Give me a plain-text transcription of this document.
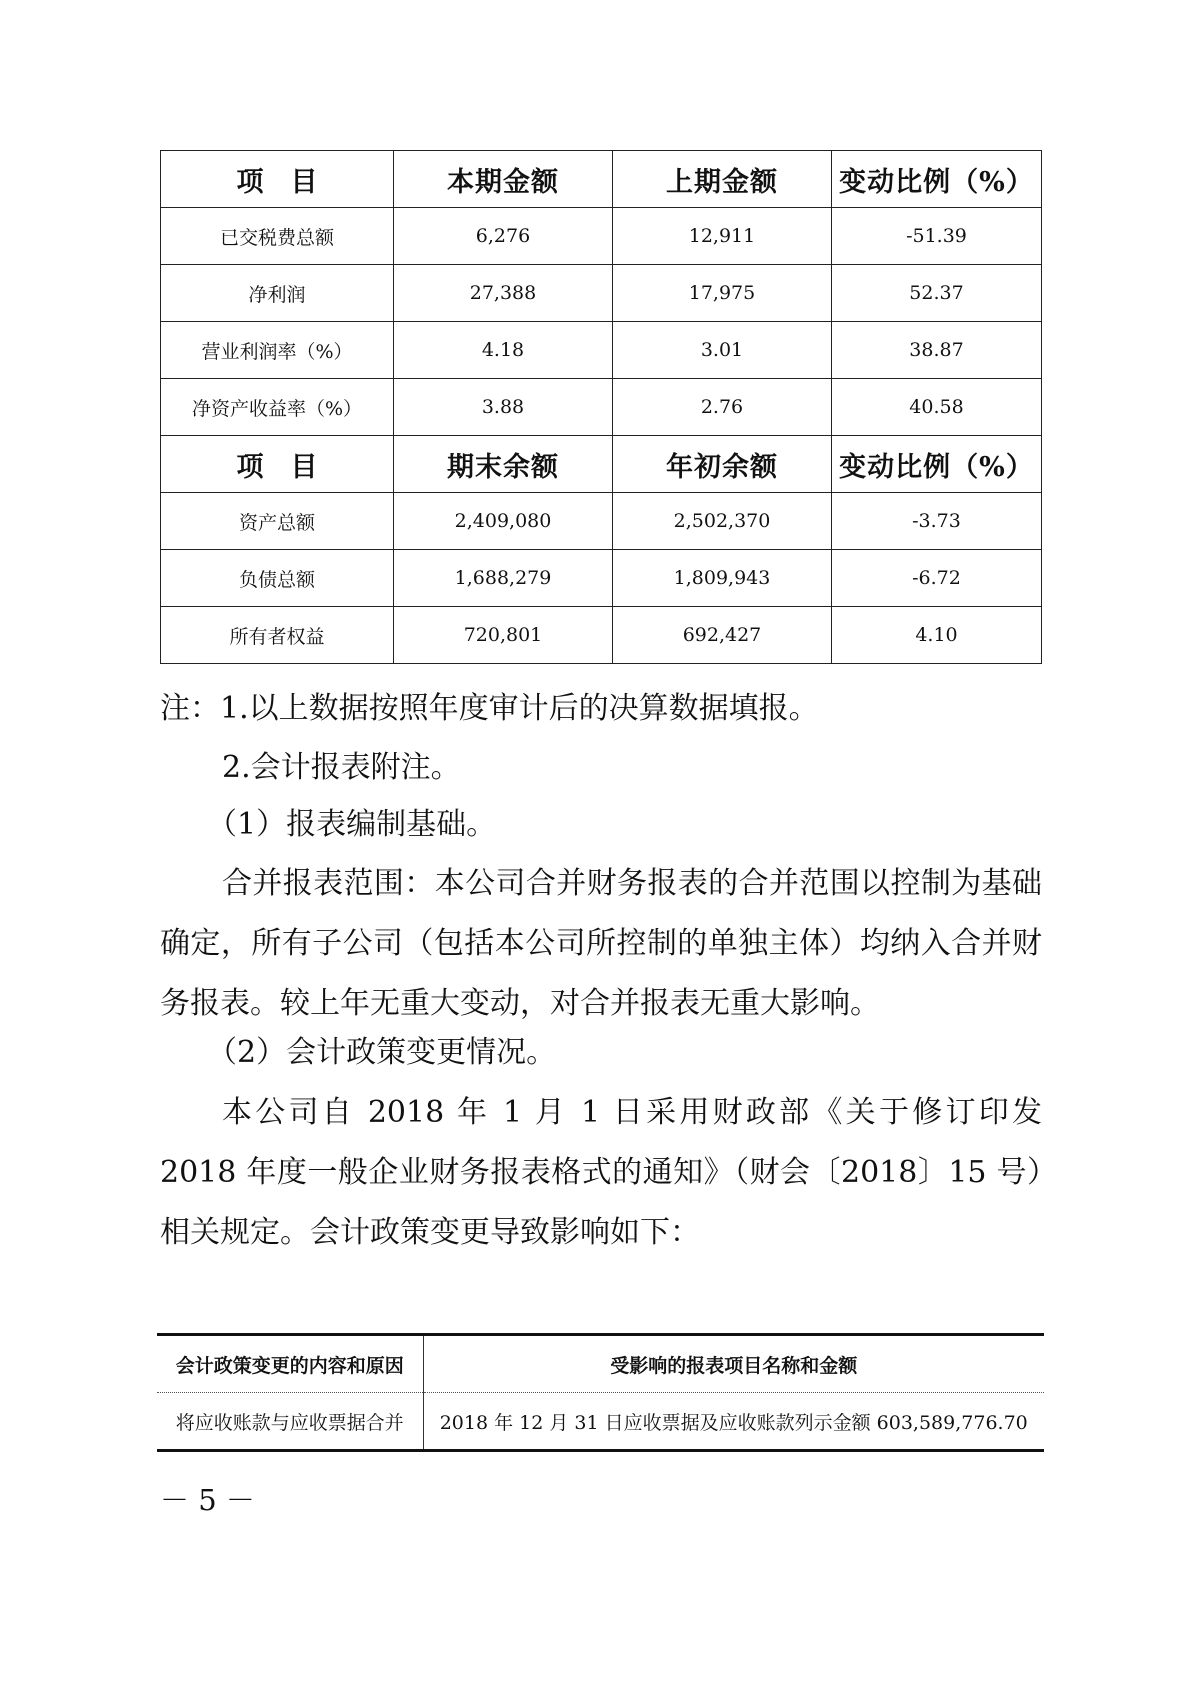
项　目	本期金额	上期金额	变动比例（%）
已交税费总额	6,276	12,911	-51.39
净利润	27,388	17,975	52.37
营业利润率（%）	4.18	3.01	38.87
净资产收益率（%）	3.88	2.76	40.58
项　目	期末余额	年初余额	变动比例（%）
资产总额	2,409,080	2,502,370	-3.73
负债总额	1,688,279	1,809,943	-6.72
所有者权益	720,801	692,427	4.10

注：1.以上数据按照年度审计后的决算数据填报。

2.会计报表附注。

（1）报表编制基础。

合并报表范围：本公司合并财务报表的合并范围以控制为基础确定，所有子公司（包括本公司所控制的单独主体）均纳入合并财务报表。较上年无重大变动，对合并报表无重大影响。

（2）会计政策变更情况。

本公司自 2018 年 1 月 1 日采用财政部《关于修订印发 2018 年度一般企业财务报表格式的通知》（财会〔2018〕15 号）相关规定。会计政策变更导致影响如下：

会计政策变更的内容和原因	受影响的报表项目名称和金额
将应收账款与应收票据合并	2018 年 12 月 31 日应收票据及应收账款列示金额 603,589,776.70
－ 5 －
